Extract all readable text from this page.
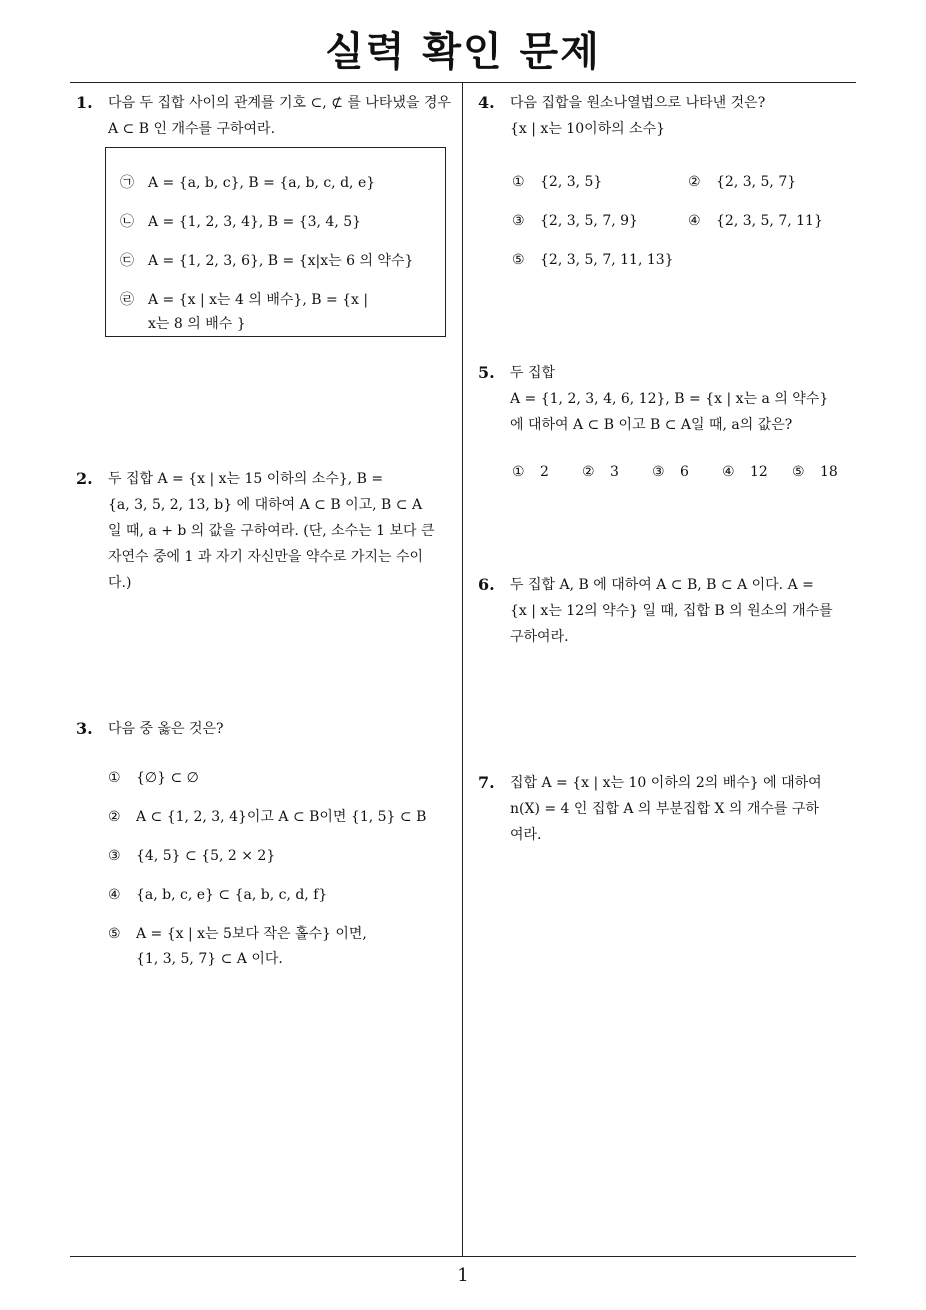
실력 확인 문제
1. 다음 두 집합 사이의 관계를 기호 ⊂, ⊄ 를 나타냈을 경우 A ⊂ B 인 개수를 구하여라.
㉠ A = {a, b, c}, B = {a, b, c, d, e}
㉡ A = {1, 2, 3, 4}, B = {3, 4, 5}
㉢ A = {1, 2, 3, 6}, B = {x|x는 6 의 약수}
㉣ A = {x | x는 4 의 배수}, B = {x |
x는 8 의 배수 }
2. 두 집합 A = {x | x는 15 이하의 소수}, B =
{a, 3, 5, 2, 13, b} 에 대하여 A ⊂ B 이고, B ⊂ A
일 때, a + b 의 값을 구하여라. (단, 소수는 1 보다 큰
자연수 중에 1 과 자기 자신만을 약수로 가지는 수이
다.)
3. 다음 중 옳은 것은?
① {∅} ⊂ ∅
② A ⊂ {1, 2, 3, 4}이고 A ⊂ B이면 {1, 5} ⊂ B
③ {4, 5} ⊂ {5, 2 × 2}
④ {a, b, c, e} ⊂ {a, b, c, d, f}
⑤ A = {x | x는 5보다 작은 홀수} 이면,
{1, 3, 5, 7} ⊂ A 이다.
4. 다음 집합을 원소나열법으로 나타낸 것은?
{x | x는 10이하의 소수}
① {2, 3, 5}	② {2, 3, 5, 7}
③ {2, 3, 5, 7, 9}	④ {2, 3, 5, 7, 11}
⑤ {2, 3, 5, 7, 11, 13}
5. 두 집합
A = {1, 2, 3, 4, 6, 12}, B = {x | x는 a 의 약수}
에 대하여 A ⊂ B 이고 B ⊂ A일 때, a의 값은?
① 2 ② 3 ③ 6 ④ 12 ⑤ 18
6. 두 집합 A, B 에 대하여 A ⊂ B, B ⊂ A 이다. A =
{x | x는 12의 약수} 일 때, 집합 B 의 원소의 개수를
구하여라.
7. 집합 A = {x | x는 10 이하의 2의 배수} 에 대하여
n(X) = 4 인 집합 A 의 부분집합 X 의 개수를 구하
여라.
1
